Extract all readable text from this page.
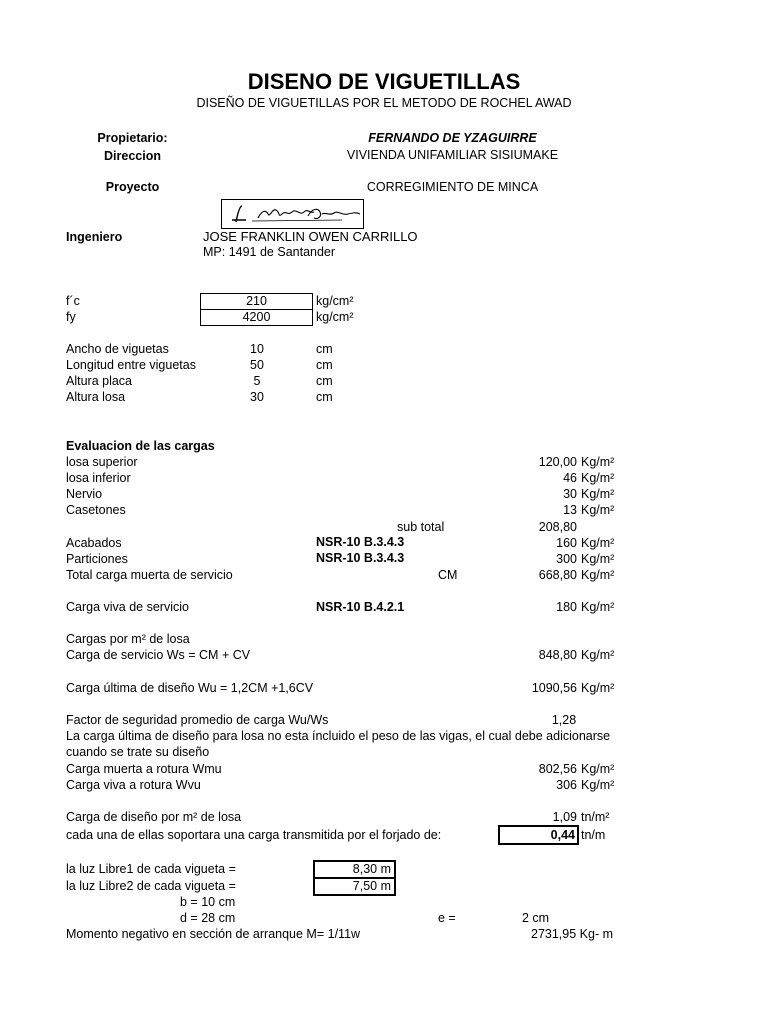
DISENO DE VIGUETILLAS
DISEÑO DE VIGUETILLAS POR EL METODO DE ROCHEL AWAD
Propietario:	FERNANDO DE YZAGUIRRE
Direccion	VIVIENDA UNIFAMILIAR SISIUMAKE
Proyecto	CORREGIMIENTO DE MINCA
Ingeniero	JOSE FRANKLIN OWEN CARRILLO
MP: 1491 de Santander
f´c	210	kg/cm²
fy	4200	kg/cm²
Ancho de viguetas	10	cm
Longitud entre viguetas	50	cm
Altura placa	5	cm
Altura losa	30	cm
Evaluacion de las cargas
losa superior	120,00 Kg/m²
losa inferior	46 Kg/m²
Nervio	30 Kg/m²
Casetones	13 Kg/m²
sub total	208,80
Acabados	NSR-10 B.3.4.3	160 Kg/m²
Particiones	NSR-10 B.3.4.3	300 Kg/m²
Total carga muerta de servicio	CM	668,80 Kg/m²
Carga viva de servicio	NSR-10 B.4.2.1	180 Kg/m²
Cargas por m² de losa
Carga de servicio Ws = CM + CV	848,80 Kg/m²
Carga última de diseño Wu = 1,2CM +1,6CV	1090,56 Kg/m²
Factor de seguridad promedio de carga Wu/Ws	1,28
La carga última de diseño para losa no esta íncluido el peso de las vigas, el cual debe adicionarse
cuando se trate su diseño
Carga muerta a rotura Wmu	802,56 Kg/m²
Carga viva a rotura Wvu	306 Kg/m²
Carga de diseño por m² de losa	1,09 tn/m²
cada una de ellas soportara una carga transmitida por el forjado de:	0,44 tn/m
la luz Libre1 de cada vigueta =	8,30 m
la luz Libre2 de cada vigueta =	7,50 m
b = 10 cm
d = 28 cm	e =	2 cm
Momento negativo en sección de arranque M= 1/11w	2731,95 Kg- m
